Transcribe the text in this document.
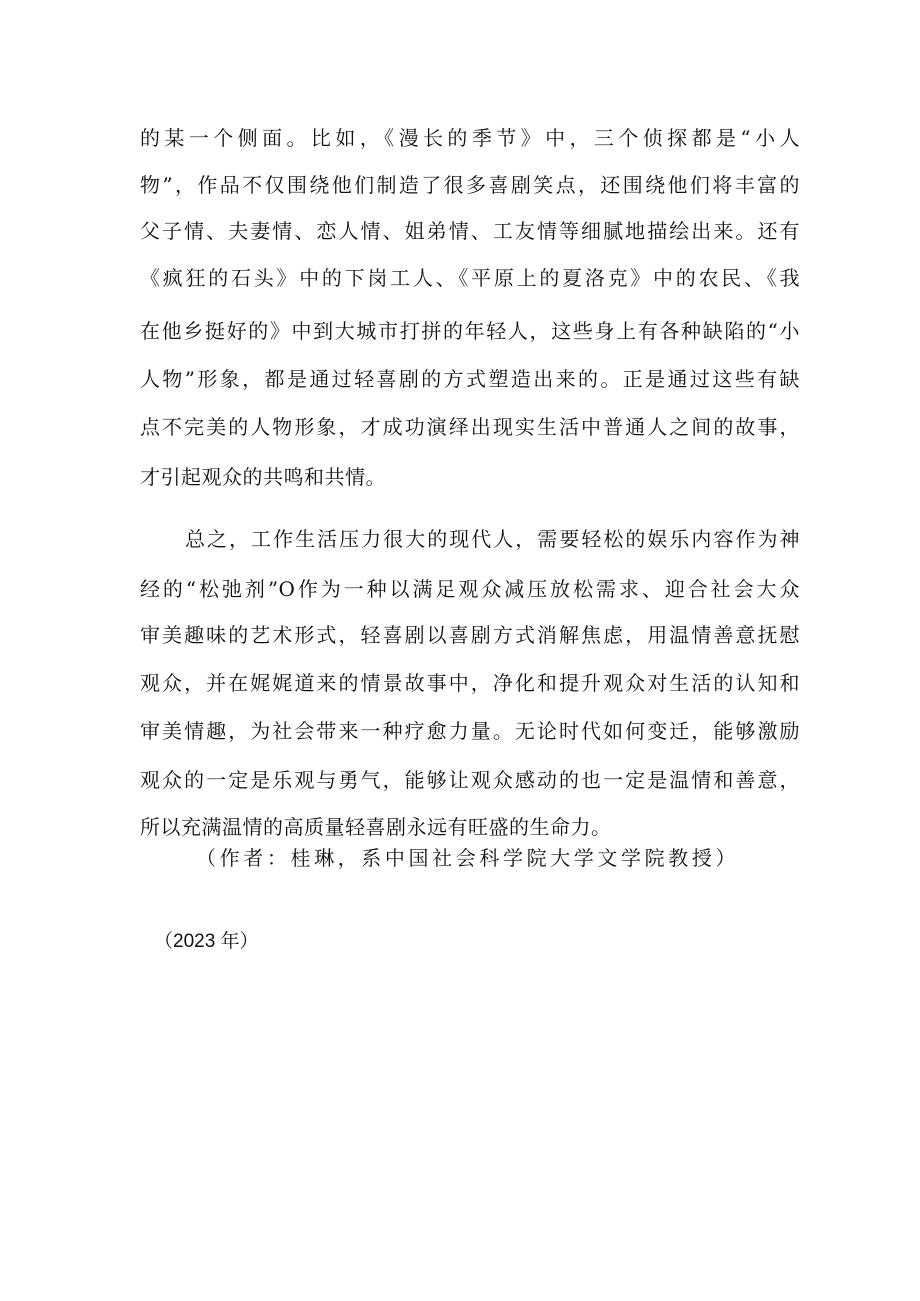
的某一个侧面。比如，《漫长的季节》中，三个侦探都是“小人
物”，作品不仅围绕他们制造了很多喜剧笑点，还围绕他们将丰富的
父子情、夫妻情、恋人情、姐弟情、工友情等细腻地描绘出来。还有
《疯狂的石头》中的下岗工人、《平原上的夏洛克》中的农民、《我
在他乡挺好的》中到大城市打拼的年轻人，这些身上有各种缺陷的“小
人物”形象，都是通过轻喜剧的方式塑造出来的。正是通过这些有缺
点不完美的人物形象，才成功演绎出现实生活中普通人之间的故事，
才引起观众的共鸣和共情。
总之，工作生活压力很大的现代人，需要轻松的娱乐内容作为神
经的“松弛剂”O作为一种以满足观众减压放松需求、迎合社会大众
审美趣味的艺术形式，轻喜剧以喜剧方式消解焦虑，用温情善意抚慰
观众，并在娓娓道来的情景故事中，净化和提升观众对生活的认知和
审美情趣，为社会带来一种疗愈力量。无论时代如何变迁，能够激励
观众的一定是乐观与勇气，能够让观众感动的也一定是温情和善意，
所以充满温情的高质量轻喜剧永远有旺盛的生命力。
（作者：桂琳，系中国社会科学院大学文学院教授）
（2023 年）
